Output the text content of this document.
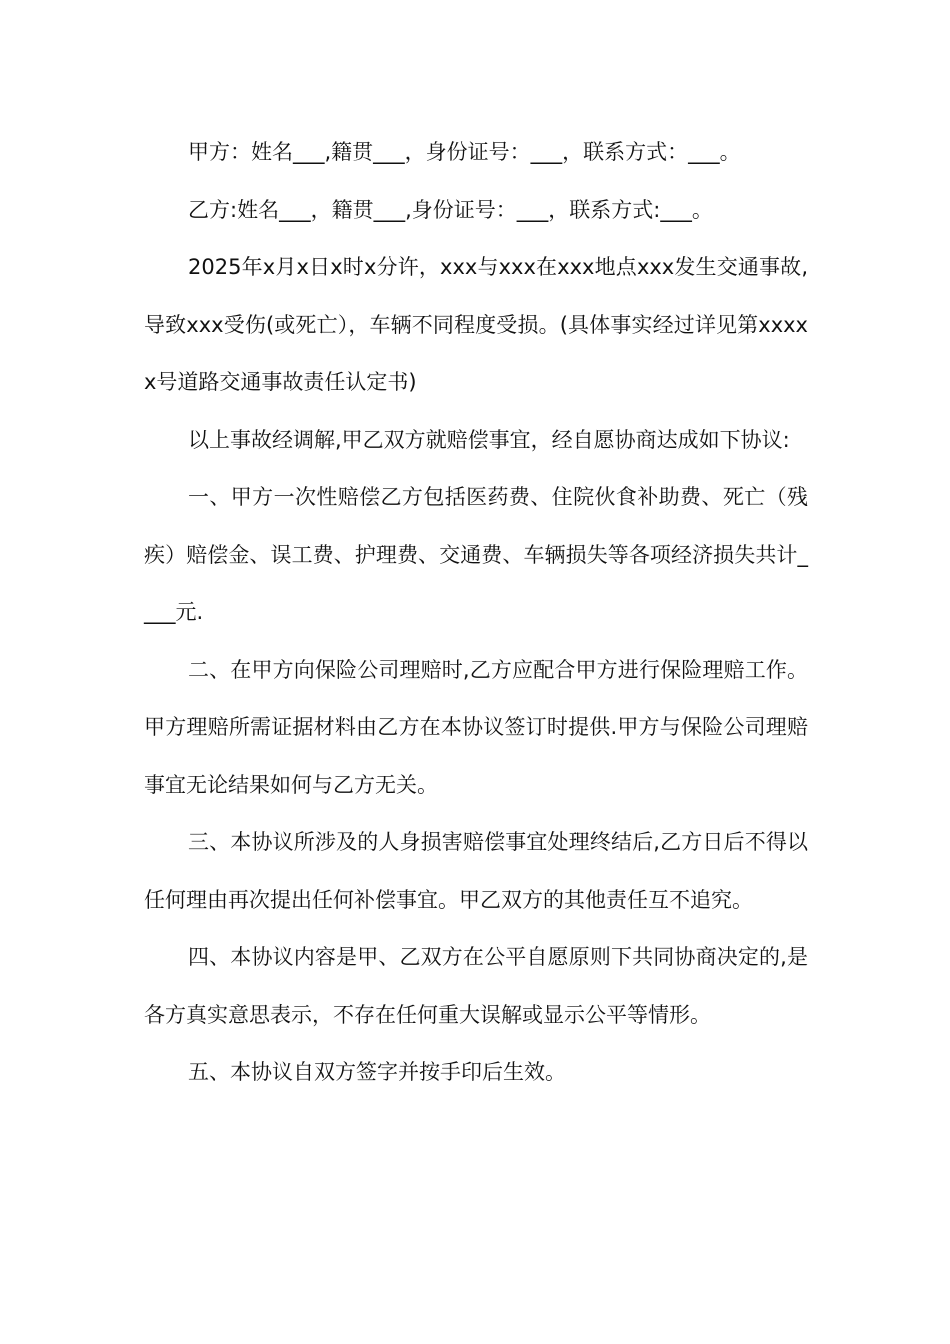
甲方：姓名___,籍贯___，身份证号：___，联系方式：___。

乙方:姓名___，籍贯___,身份证号：___，联系方式:___。

2025年x月x日x时x分许，xxx与xxx在xxx地点xxx发生交通事故,导致xxx受伤(或死亡），车辆不同程度受损。(具体事实经过详见第xxxxx号道路交通事故责任认定书)

以上事故经调解,甲乙双方就赔偿事宜，经自愿协商达成如下协议:

一、甲方一次性赔偿乙方包括医药费、住院伙食补助费、死亡（残疾）赔偿金、误工费、护理费、交通费、车辆损失等各项经济损失共计____元.

二、在甲方向保险公司理赔时,乙方应配合甲方进行保险理赔工作。甲方理赔所需证据材料由乙方在本协议签订时提供.甲方与保险公司理赔事宜无论结果如何与乙方无关。

三、本协议所涉及的人身损害赔偿事宜处理终结后,乙方日后不得以任何理由再次提出任何补偿事宜。甲乙双方的其他责任互不追究。

四、本协议内容是甲、乙双方在公平自愿原则下共同协商决定的,是各方真实意思表示，不存在任何重大误解或显示公平等情形。

五、本协议自双方签字并按手印后生效。
